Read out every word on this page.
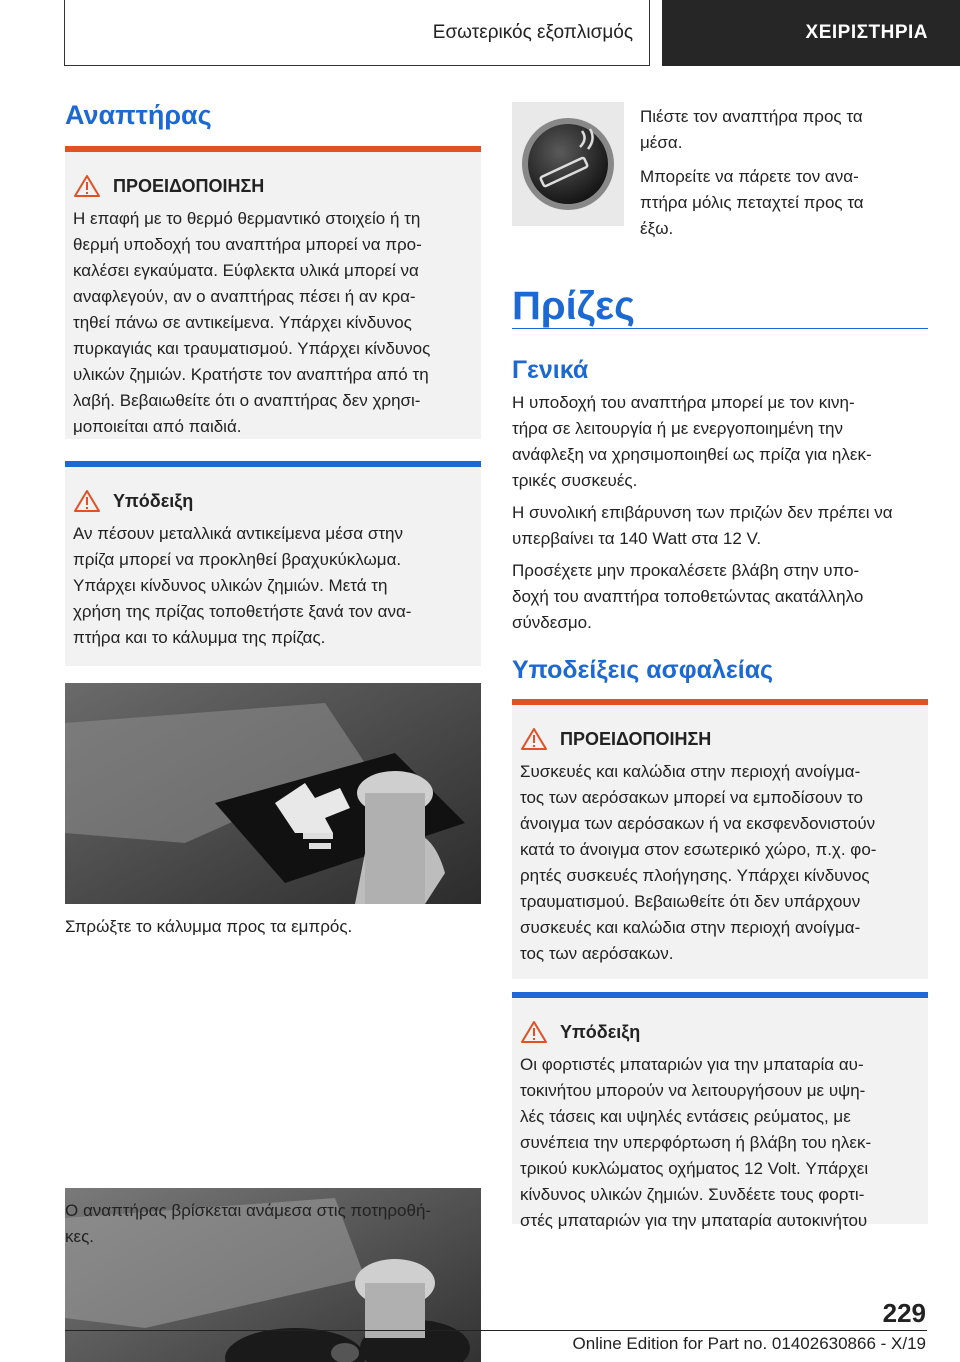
Εσωτερικός εξοπλισμός	ΧΕΙΡΙΣΤΗΡΙΑ
Αναπτήρας
ΠΡΟΕΙΔΟΠΟΙΗΣΗ
Η επαφή με το θερμό θερμαντικό στοιχείο ή τη
θερμή υποδοχή του αναπτήρα μπορεί να προ-
καλέσει εγκαύματα. Εύφλεκτα υλικά μπορεί να
αναφλεγούν, αν ο αναπτήρας πέσει ή αν κρα-
τηθεί πάνω σε αντικείμενα. Υπάρχει κίνδυνος
πυρκαγιάς και τραυματισμού. Υπάρχει κίνδυνος
υλικών ζημιών. Κρατήστε τον αναπτήρα από τη
λαβή. Βεβαιωθείτε ότι ο αναπτήρας δεν χρησι-
μοποιείται από παιδιά.
Υπόδειξη
Αν πέσουν μεταλλικά αντικείμενα μέσα στην
πρίζα μπορεί να προκληθεί βραχυκύκλωμα.
Υπάρχει κίνδυνος υλικών ζημιών. Μετά τη
χρήση της πρίζας τοποθετήστε ξανά τον ανα-
πτήρα και το κάλυμμα της πρίζας.
Σπρώξτε το κάλυμμα προς τα εμπρός.
Ο αναπτήρας βρίσκεται ανάμεσα στις ποτηροθή-
κες.
Πιέστε τον αναπτήρα προς τα
μέσα.
Μπορείτε να πάρετε τον ανα-
πτήρα μόλις πεταχτεί προς τα
έξω.
Πρίζες
Γενικά
Η υποδοχή του αναπτήρα μπορεί με τον κινη-
τήρα σε λειτουργία ή με ενεργοποιημένη την
ανάφλεξη να χρησιμοποιηθεί ως πρίζα για ηλεκ-
τρικές συσκευές.
Η συνολική επιβάρυνση των πριζών δεν πρέπει να
υπερβαίνει τα 140 Watt στα 12 V.
Προσέχετε μην προκαλέσετε βλάβη στην υπο-
δοχή του αναπτήρα τοποθετώντας ακατάλληλο
σύνδεσμο.
Υποδείξεις ασφαλείας
ΠΡΟΕΙΔΟΠΟΙΗΣΗ
Συσκευές και καλώδια στην περιοχή ανοίγμα-
τος των αερόσακων μπορεί να εμποδίσουν το
άνοιγμα των αερόσακων ή να εκσφενδονιστούν
κατά το άνοιγμα στον εσωτερικό χώρο, π.χ. φο-
ρητές συσκευές πλοήγησης. Υπάρχει κίνδυνος
τραυματισμού. Βεβαιωθείτε ότι δεν υπάρχουν
συσκευές και καλώδια στην περιοχή ανοίγμα-
τος των αερόσακων.
Υπόδειξη
Οι φορτιστές μπαταριών για την μπαταρία αυ-
τοκινήτου μπορούν να λειτουργήσουν με υψη-
λές τάσεις και υψηλές εντάσεις ρεύματος, με
συνέπεια την υπερφόρτωση ή βλάβη του ηλεκ-
τρικού κυκλώματος οχήματος 12 Volt. Υπάρχει
κίνδυνος υλικών ζημιών. Συνδέετε τους φορτι-
στές μπαταριών για την μπαταρία αυτοκινήτου
229
Online Edition for Part no. 01402630866 - X/19
